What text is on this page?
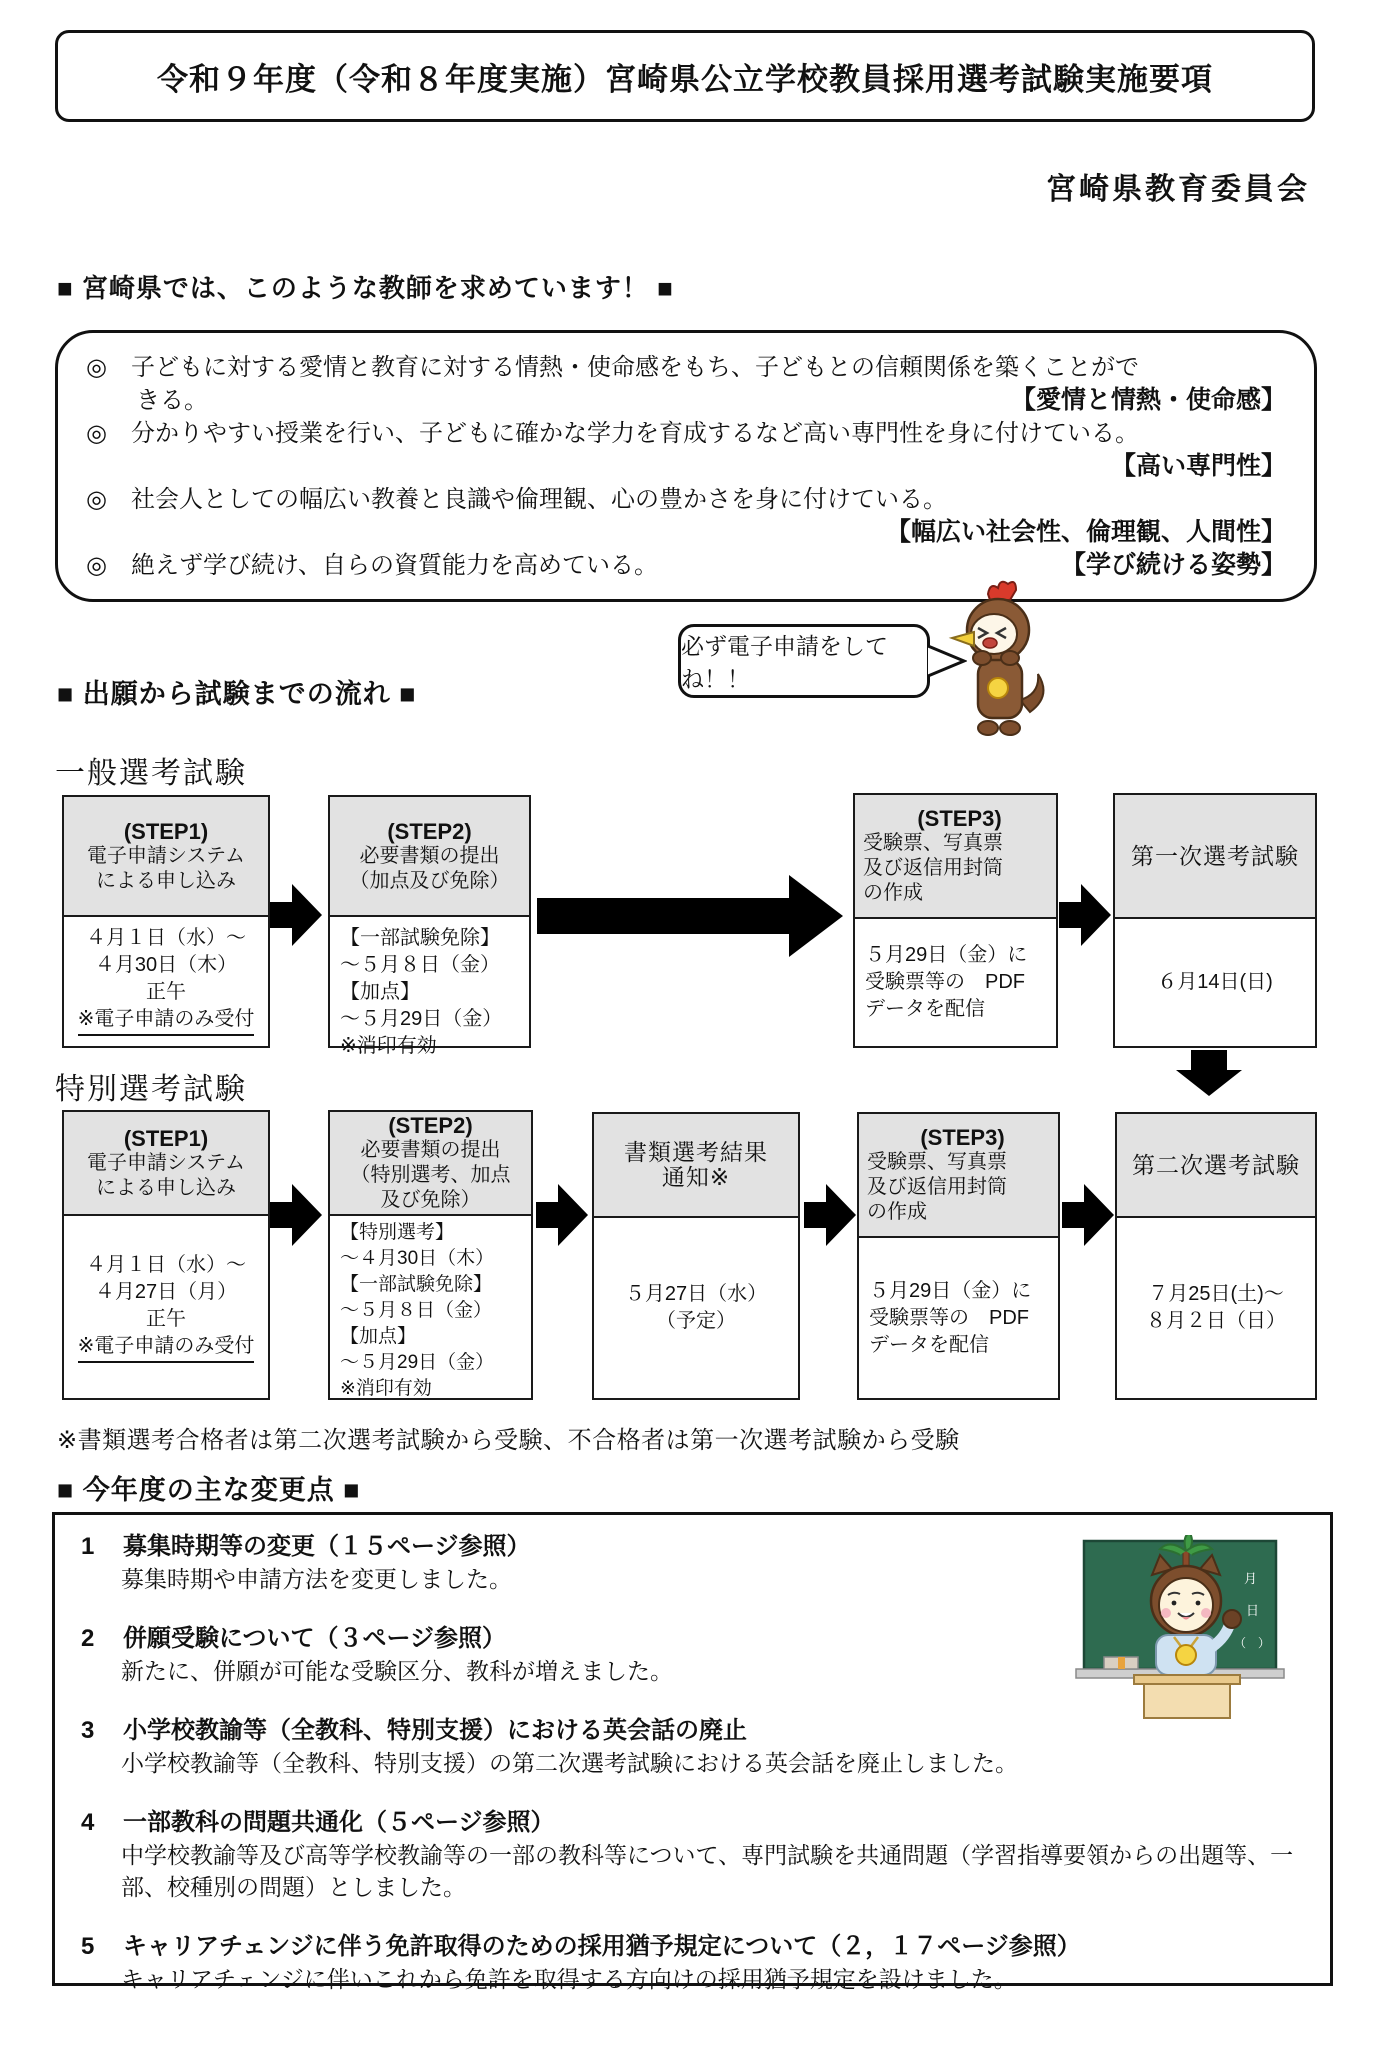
令和９年度（令和８年度実施）宮崎県公立学校教員採用選考試験実施要項
宮崎県教育委員会
■ 宮崎県では、このような教師を求めています！ ■
◎　子どもに対する愛情と教育に対する情熱・使命感をもち、子どもとの信頼関係を築くことがで
きる。	【愛情と情熱・使命感】
◎　分かりやすい授業を行い、子どもに確かな学力を育成するなど高い専門性を身に付けている。
【高い専門性】
◎　社会人としての幅広い教養と良識や倫理観、心の豊かさを身に付けている。
【幅広い社会性、倫理観、人間性】
◎　絶えず学び続け、自らの資質能力を高めている。	【学び続ける姿勢】
必ず電子申請をしてね！！
■ 出願から試験までの流れ ■
一般選考試験
(STEP1)
電子申請システム
による申し込み
４月１日（水）～
４月30日（木）
正午
※電子申請のみ受付
(STEP2)
必要書類の提出
（加点及び免除）
【一部試験免除】
～５月８日（金）
【加点】
～５月29日（金）
※消印有効
(STEP3)
受験票、写真票
及び返信用封筒
の作成
５月29日（金）に
受験票等の　PDF
データを配信
第一次選考試験
６月14日(日)
特別選考試験
(STEP1)
電子申請システム
による申し込み
４月１日（水）～
４月27日（月）
正午
※電子申請のみ受付
(STEP2)
必要書類の提出
（特別選考、加点
及び免除）
【特別選考】
～４月30日（木）
【一部試験免除】
～５月８日（金）
【加点】
～５月29日（金）
※消印有効
書類選考結果
通知※
５月27日（水）
（予定）
(STEP3)
受験票、写真票
及び返信用封筒
の作成
５月29日（金）に
受験票等の　PDF
データを配信
第二次選考試験
７月25日(土)～
８月２日（日）
※書類選考合格者は第二次選考試験から受験、不合格者は第一次選考試験から受験
■ 今年度の主な変更点 ■
1	募集時期等の変更（１５ページ参照）
募集時期や申請方法を変更しました。
2	併願受験について（３ページ参照）
新たに、併願が可能な受験区分、教科が増えました。
3	小学校教諭等（全教科、特別支援）における英会話の廃止
小学校教諭等（全教科、特別支援）の第二次選考試験における英会話を廃止しました。
4	一部教科の問題共通化（５ページ参照）
中学校教諭等及び高等学校教諭等の一部の教科等について、専門試験を共通問題（学習指導要領からの出題等、一部、校種別の問題）としました。
5	キャリアチェンジに伴う免許取得のための採用猶予規定について（２，１７ページ参照）
キャリアチェンジに伴いこれから免許を取得する方向けの採用猶予規定を設けました。
月
日
（　）
